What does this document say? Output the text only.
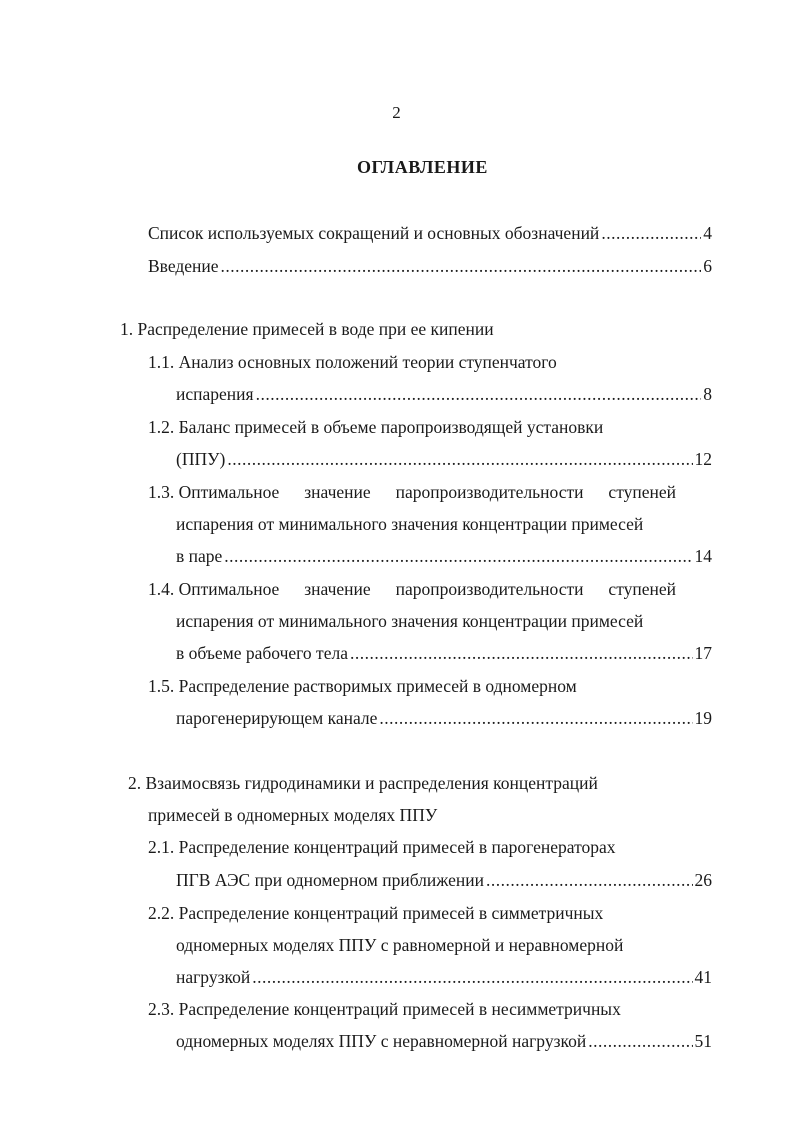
2
ОГЛАВЛЕНИЕ
Список используемых сокращений и основных обозначений .....	4
Введение .....	6
1. Распределение примесей в воде при ее кипении
1.1. Анализ основных положений теории ступенчатого
испарения .....	8
1.2. Баланс примесей в объеме паропроизводящей установки
(ППУ) .....	12
1.3. Оптимальное значение паропроизводительности ступеней
испарения от минимального значения концентрации примесей
в паре .....	14
1.4. Оптимальное значение паропроизводительности ступеней
испарения от минимального значения концентрации примесей
в объеме рабочего тела .....	17
1.5. Распределение растворимых примесей в одномерном
парогенерирующем канале .....	19
2. Взаимосвязь гидродинамики и распределения концентраций
примесей в одномерных моделях ППУ
2.1. Распределение концентраций примесей в парогенераторах
ПГВ АЭС при одномерном приближении .....	26
2.2. Распределение концентраций примесей в симметричных
одномерных моделях ППУ с равномерной и неравномерной
нагрузкой .....	41
2.3. Распределение концентраций примесей в несимметричных
одномерных моделях ППУ с неравномерной нагрузкой .....	51
